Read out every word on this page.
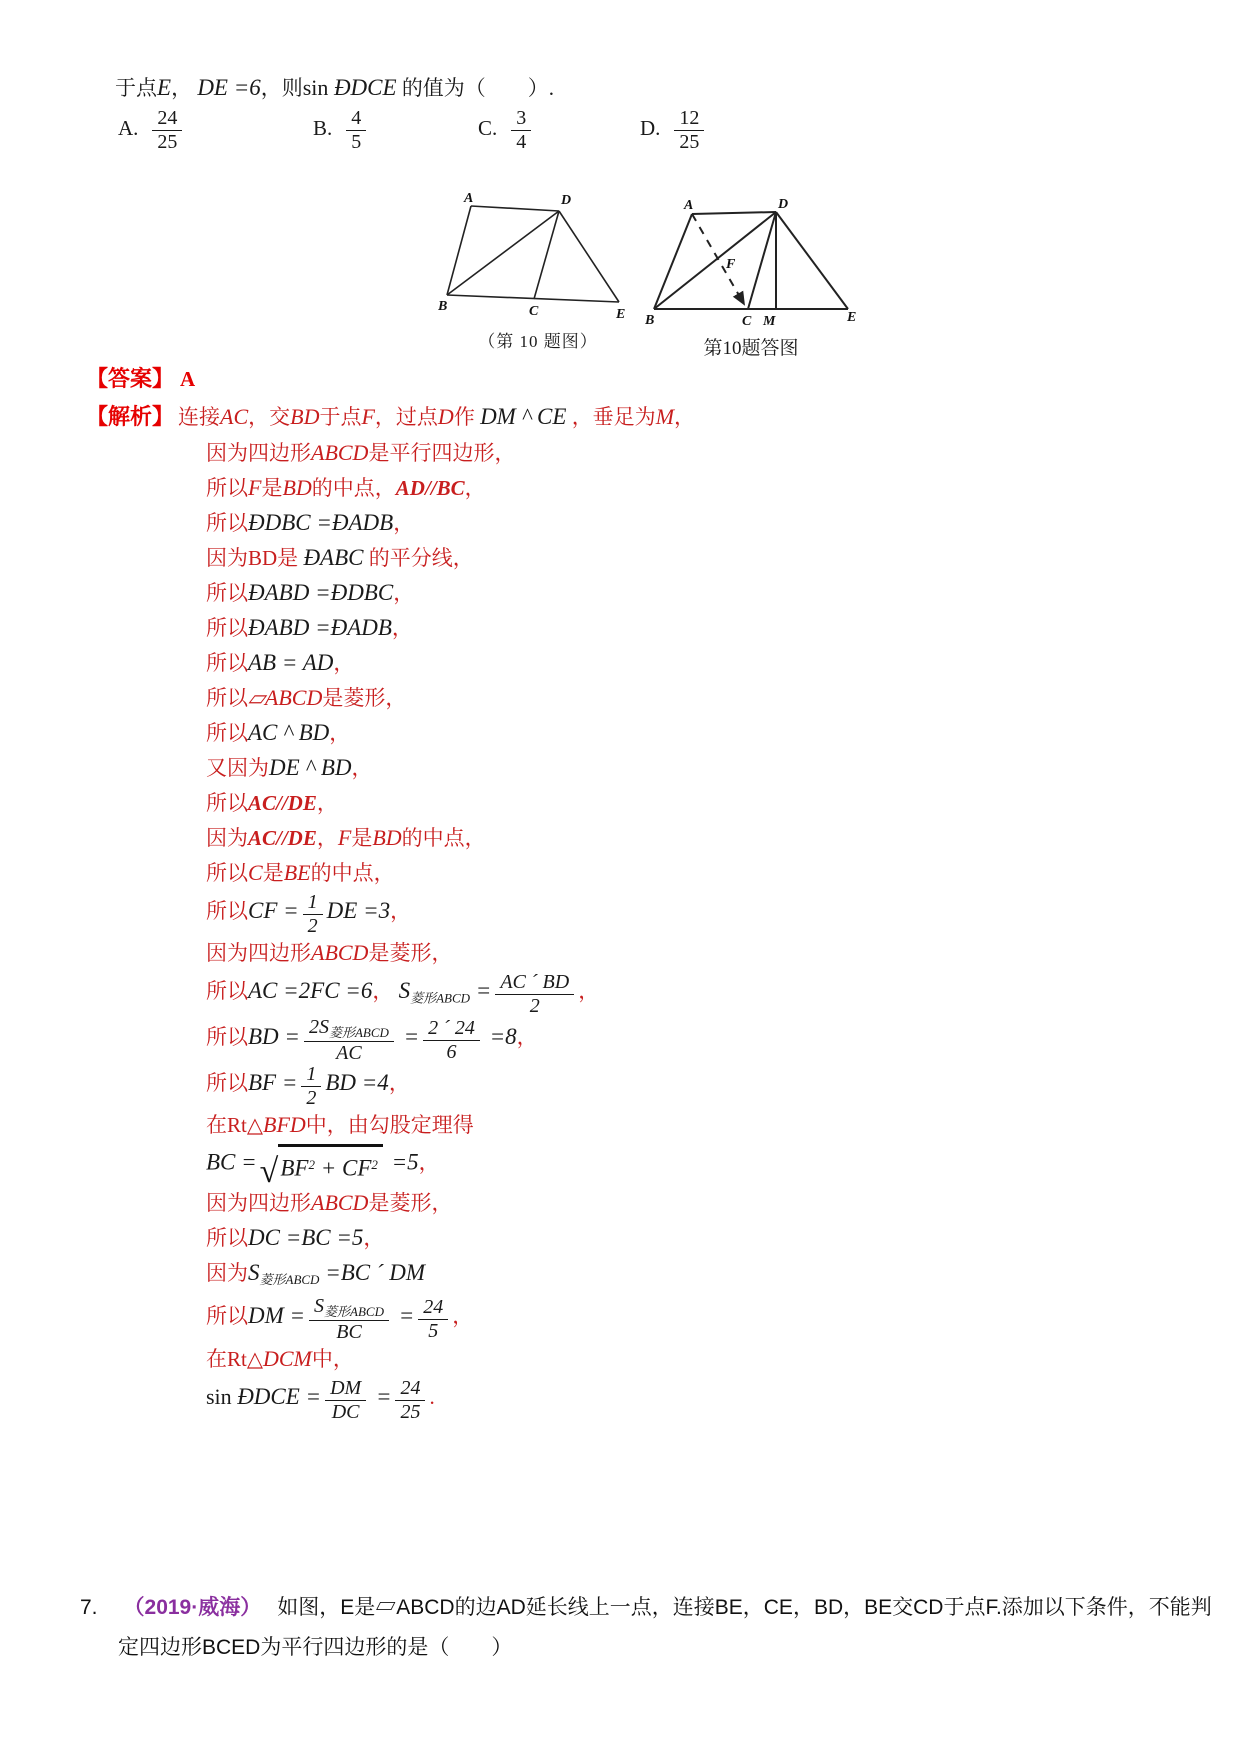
于点E， DE =6，则sin ÐDCE 的值为（　　）.
A. $\frac{24}{25}$	B. $\frac{4}{5}$	C. $\frac{3}{4}$	D. $\frac{12}{25}$
A	D
B	C	E
（第 10 题图）
A	D
B	C M	E
F
第10题答图
【答案】 A
【解析】 连接AC，交BD于点F，过点D作 DM ^ CE ，垂足为M，
因为四边形ABCD是平行四边形，
所以F是BD的中点，AD//BC，
所以ÐDBC =ÐADB，
因为BD是 ÐABC 的平分线，
所以ÐABD =ÐDBC，
所以ÐABD =ÐADB，
所以AB = AD，
所以▱ABCD是菱形，
所以AC ^ BD，
又因为DE ^ BD，
所以AC//DE，
因为AC//DE，F是BD的中点，
所以C是BE的中点，
所以CF = $\frac{1}{2}$ DE =3，
因为四边形ABCD是菱形，
所以AC =2FC =6， $S_{菱形ABCD} = \frac{AC ´ BD}{2}$ ，
所以BD = $\frac{2S_{菱形ABCD}}{AC} = \frac{2 ´ 24}{6} =8$，
所以BF = $\frac{1}{2}$ BD =4，
在Rt△BFD中，由勾股定理得
BC = √ $BF^2 + CF^2 =5$，
因为四边形ABCD是菱形，
所以DC =BC =5，
因为$S_{菱形ABCD} =BC$ ´ DM
所以DM = $\frac{S_{菱形ABCD}}{BC} = \frac{24}{5}$ ，
在Rt△DCM中，
sin ÐDCE = $\frac{DM}{DC} = \frac{24}{25}$ .
7. （2019·威海） 如图，E是▱ABCD的边AD延长线上一点，连接BE，CE，BD，BE交CD于点F.添加以下条件，不能判定四边形BCED为平行四边形的是（　　）
